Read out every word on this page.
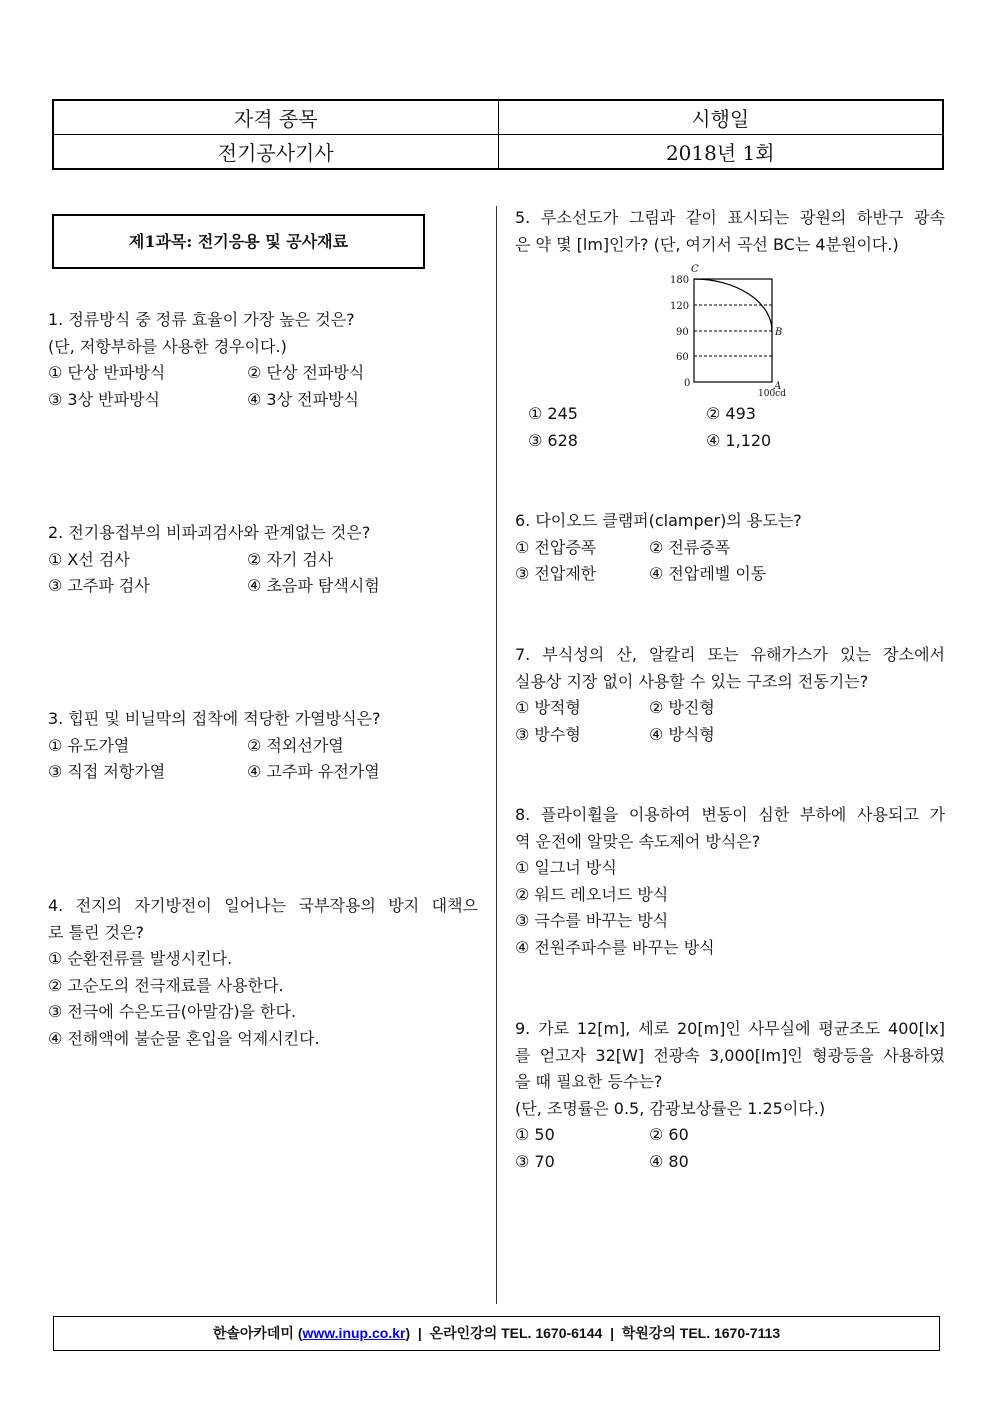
자격 종목	시행일
전기공사기사	2018년 1회
제1과목: 전기응용 및 공사재료
1. 정류방식 중 정류 효율이 가장 높은 것은?
(단, 저항부하를 사용한 경우이다.)
① 단상 반파방식	② 단상 전파방식
③ 3상 반파방식	④ 3상 전파방식
2. 전기용접부의 비파괴검사와 관계없는 것은?
① X선 검사	② 자기 검사
③ 고주파 검사	④ 초음파 탐색시험
3. 힙핀 및 비닐막의 접착에 적당한 가열방식은?
① 유도가열	② 적외선가열
③ 직접 저항가열	④ 고주파 유전가열
4. 전지의 자기방전이 일어나는 국부작용의 방지 대책으
로 틀린 것은?
① 순환전류를 발생시킨다.
② 고순도의 전극재료를 사용한다.
③ 전극에 수은도금(아말감)을 한다.
④ 전해액에 불순물 혼입을 억제시킨다.
5. 루소선도가 그림과 같이 표시되는 광원의 하반구 광속
은 약 몇 [lm]인가? (단, 여기서 곡선 BC는 4분원이다.)
180
120
90
60
0
100cd
C
B
A
① 245	② 493
③ 628	④ 1,120
6. 다이오드 클램퍼(clamper)의 용도는?
① 전압증폭	② 전류증폭
③ 전압제한	④ 전압레벨 이동
7. 부식성의 산, 알칼리 또는 유해가스가 있는 장소에서
실용상 지장 없이 사용할 수 있는 구조의 전동기는?
① 방적형	② 방진형
③ 방수형	④ 방식형
8. 플라이휠을 이용하여 변동이 심한 부하에 사용되고 가
역 운전에 알맞은 속도제어 방식은?
① 일그너 방식
② 워드 레오너드 방식
③ 극수를 바꾸는 방식
④ 전원주파수를 바꾸는 방식
9. 가로 12[m], 세로 20[m]인 사무실에 평균조도 400[lx]
를 얻고자 32[W] 전광속 3,000[lm]인 형광등을 사용하였
을 때 필요한 등수는?
(단, 조명률은 0.5, 감광보상률은 1.25이다.)
① 50	② 60
③ 70	④ 80
한솔아카데미 (www.inup.co.kr) | 온라인강의 TEL. 1670-6144 | 학원강의 TEL. 1670-7113
